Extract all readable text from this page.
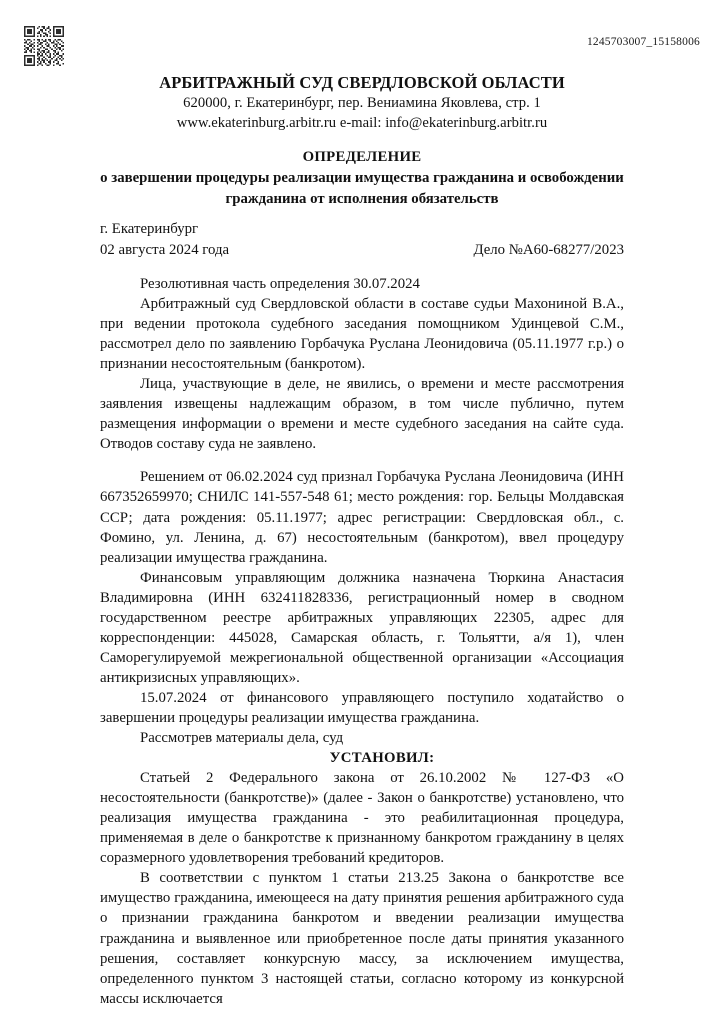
1245703007_15158006
АРБИТРАЖНЫЙ СУД СВЕРДЛОВСКОЙ ОБЛАСТИ
620000, г. Екатеринбург, пер. Вениамина Яковлева, стр. 1
www.ekaterinburg.arbitr.ru e-mail: info@ekaterinburg.arbitr.ru
ОПРЕДЕЛЕНИЕ
о завершении процедуры реализации имущества гражданина и освобождении
гражданина от исполнения обязательств
г. Екатеринбург
02 августа 2024 года	Дело №А60-68277/2023

Резолютивная часть определения 30.07.2024

Арбитражный суд Свердловской области в составе судьи Махониной В.А., при ведении протокола судебного заседания помощником Удинцевой С.М., рассмотрел дело по заявлению Горбачука Руслана Леонидовича (05.11.1977 г.р.) о признании несостоятельным (банкротом).

Лица, участвующие в деле, не явились, о времени и месте рассмотрения заявления извещены надлежащим образом, в том числе публично, путем размещения информации о времени и месте судебного заседания на сайте суда. Отводов составу суда не заявлено.

Решением от 06.02.2024 суд признал Горбачука Руслана Леонидовича (ИНН 667352659970; СНИЛС 141-557-548 61; место рождения: гор. Бельцы Молдавская ССР; дата рождения: 05.11.1977; адрес регистрации: Свердловская обл., с. Фомино, ул. Ленина, д. 67) несостоятельным (банкротом), ввел процедуру реализации имущества гражданина.

Финансовым управляющим должника назначена Тюркина Анастасия Владимировна (ИНН 632411828336, регистрационный номер в сводном государственном реестре арбитражных управляющих 22305, адрес для корреспонденции: 445028, Самарская область, г. Тольятти, а/я 1), член Саморегулируемой межрегиональной общественной организации «Ассоциация антикризисных управляющих».

15.07.2024 от финансового управляющего поступило ходатайство о завершении процедуры реализации имущества гражданина.

Рассмотрев материалы дела, суд

УСТАНОВИЛ:

Статьей 2 Федерального закона от 26.10.2002 № 127-ФЗ «О несостоятельности (банкротстве)» (далее - Закон о банкротстве) установлено, что реализация имущества гражданина - это реабилитационная процедура, применяемая в деле о банкротстве к признанному банкротом гражданину в целях соразмерного удовлетворения требований кредиторов.

В соответствии с пунктом 1 статьи 213.25 Закона о банкротстве все имущество гражданина, имеющееся на дату принятия решения арбитражного суда о признании гражданина банкротом и введении реализации имущества гражданина и выявленное или приобретенное после даты принятия указанного решения, составляет конкурсную массу, за исключением имущества, определенного пунктом 3 настоящей статьи, согласно которому из конкурсной массы исключается
